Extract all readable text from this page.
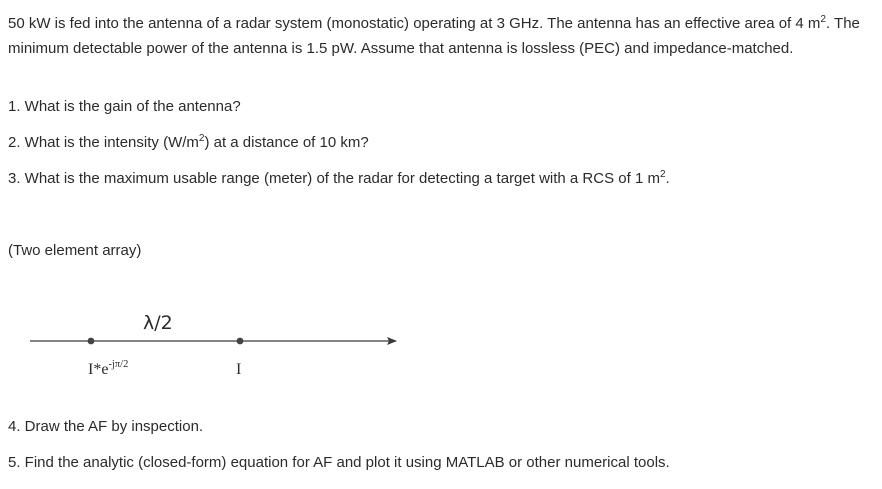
50 kW is fed into the antenna of a radar system (monostatic) operating at 3 GHz. The antenna has an effective area of 4 $m^2$. The minimum detectable power of the antenna is 1.5 pW. Assume that antenna is lossless (PEC) and impedance-matched.

1. What is the gain of the antenna?

2. What is the intensity $(W/m^2)$ at a distance of 10 km?

3. What is the maximum usable range (meter) of the radar for detecting a target with a RCS of 1 $m^2$.

(Two element array)

λ/2
$I*e^{-j\pi/2}$	I

4. Draw the AF by inspection.

5. Find the analytic (closed-form) equation for AF and plot it using MATLAB or other numerical tools.
